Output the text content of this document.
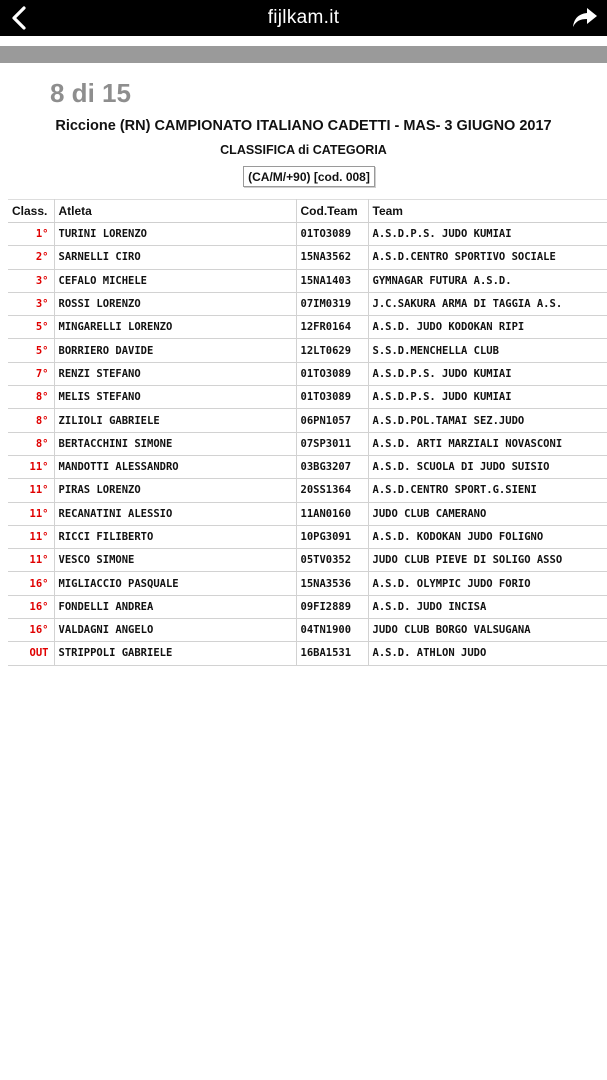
fijlkam.it
8 di 15
Riccione (RN) CAMPIONATO ITALIANO CADETTI - MAS- 3 GIUGNO 2017
CLASSIFICA di CATEGORIA
(CA/M/+90) [cod. 008]
Class.	Atleta	Cod.Team	Team
1°	TURINI LORENZO	01TO3089	A.S.D.P.S. JUDO KUMIAI
2°	SARNELLI CIRO	15NA3562	A.S.D.CENTRO SPORTIVO SOCIALE
3°	CEFALO MICHELE	15NA1403	GYMNAGAR FUTURA A.S.D.
3°	ROSSI LORENZO	07IM0319	J.C.SAKURA ARMA DI TAGGIA A.S.
5°	MINGARELLI LORENZO	12FR0164	A.S.D. JUDO KODOKAN RIPI
5°	BORRIERO DAVIDE	12LT0629	S.S.D.MENCHELLA CLUB
7°	RENZI STEFANO	01TO3089	A.S.D.P.S. JUDO KUMIAI
8°	MELIS STEFANO	01TO3089	A.S.D.P.S. JUDO KUMIAI
8°	ZILIOLI GABRIELE	06PN1057	A.S.D.POL.TAMAI SEZ.JUDO
8°	BERTACCHINI SIMONE	07SP3011	A.S.D. ARTI MARZIALI NOVASCONI
11°	MANDOTTI ALESSANDRO	03BG3207	A.S.D. SCUOLA DI JUDO SUISIO
11°	PIRAS LORENZO	20SS1364	A.S.D.CENTRO SPORT.G.SIENI
11°	RECANATINI ALESSIO	11AN0160	JUDO CLUB CAMERANO
11°	RICCI FILIBERTO	10PG3091	A.S.D. KODOKAN JUDO FOLIGNO
11°	VESCO SIMONE	05TV0352	JUDO CLUB PIEVE DI SOLIGO ASSO
16°	MIGLIACCIO PASQUALE	15NA3536	A.S.D. OLYMPIC JUDO FORIO
16°	FONDELLI ANDREA	09FI2889	A.S.D. JUDO INCISA
16°	VALDAGNI ANGELO	04TN1900	JUDO CLUB BORGO VALSUGANA
OUT	STRIPPOLI GABRIELE	16BA1531	A.S.D. ATHLON JUDO
